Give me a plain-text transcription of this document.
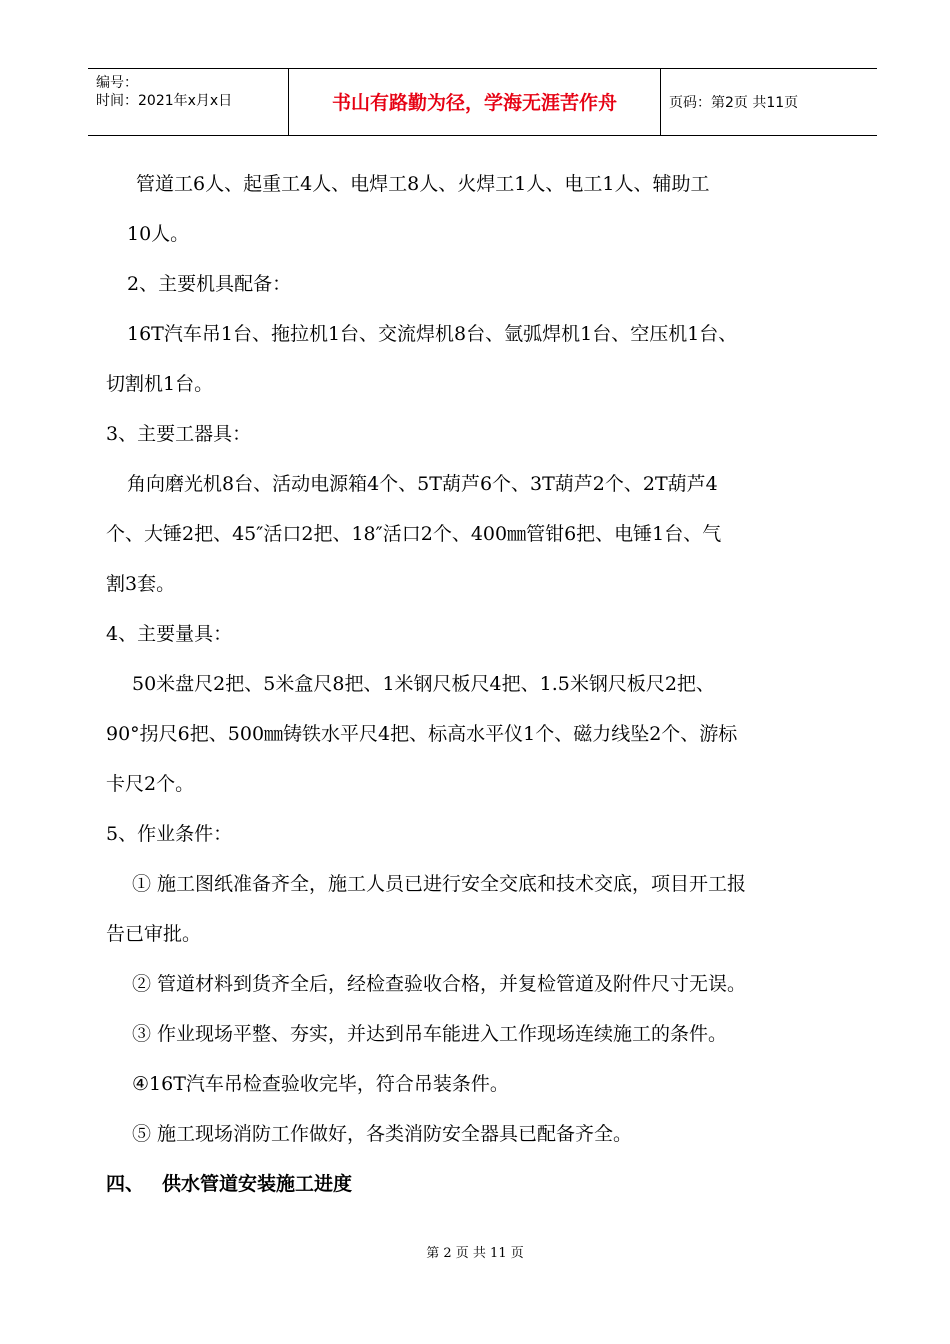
编号：
时间：2021年x月x日	书山有路勤为径，学海无涯苦作舟	页码：第2页 共11页
管道工6人、起重工4人、电焊工8人、火焊工1人、电工1人、辅助工
10人。
2、主要机具配备：
16T汽车吊1台、拖拉机1台、交流焊机8台、氩弧焊机1台、空压机1台、
切割机1台。
3、主要工器具：
角向磨光机8台、活动电源箱4个、5T葫芦6个、3T葫芦2个、2T葫芦4
个、大锤2把、45″活口2把、18″活口2个、400㎜管钳6把、电锤1台、气
割3套。
4、主要量具：
50米盘尺2把、5米盒尺8把、1米钢尺板尺4把、1.5米钢尺板尺2把、
90°拐尺6把、500㎜铸铁水平尺4把、标高水平仪1个、磁力线坠2个、游标
卡尺2个。
5、作业条件：
① 施工图纸准备齐全，施工人员已进行安全交底和技术交底，项目开工报
告已审批。
② 管道材料到货齐全后，经检查验收合格，并复检管道及附件尺寸无误。
③ 作业现场平整、夯实，并达到吊车能进入工作现场连续施工的条件。
④16T汽车吊检查验收完毕，符合吊装条件。
⑤ 施工现场消防工作做好，各类消防安全器具已配备齐全。
四、 供水管道安装施工进度
第 2 页 共 11 页
